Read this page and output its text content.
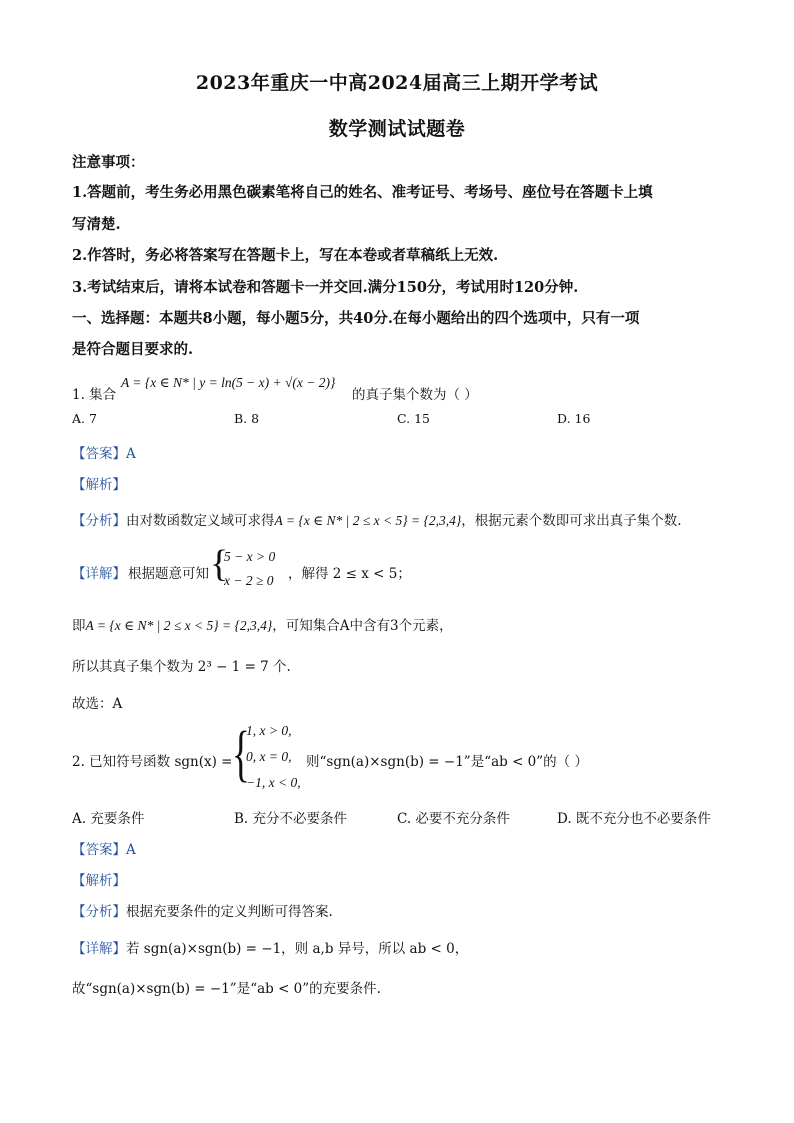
2023年重庆一中高2024届高三上期开学考试
数学测试试题卷
注意事项：
1.答题前，考生务必用黑色碳素笔将自己的姓名、准考证号、考场号、座位号在答题卡上填
写清楚.
2.作答时，务必将答案写在答题卡上，写在本卷或者草稿纸上无效.
3.考试结束后，请将本试卷和答题卡一并交回.满分150分，考试用时120分钟.
一、选择题：本题共8小题，每小题5分，共40分.在每小题给出的四个选项中，只有一项
是符合题目要求的.
1. 集合
A = {x ∈ N* | y = ln(5 − x) + √(x − 2)}
的真子集个数为（ ）
A. 7	B. 8	C. 15	D. 16
【答案】A
【解析】
【分析】由对数函数定义域可求得A = {x ∈ N* | 2 ≤ x < 5} = {2,3,4}，根据元素个数即可求出真子集个数.
【详解】 根据题意可知 {
5 − x > 0
x − 2 ≥ 0 ，解得 2 ≤ x < 5；
即A = {x ∈ N* | 2 ≤ x < 5} = {2,3,4}，可知集合A中含有3个元素，
所以其真子集个数为 2³ − 1 = 7 个.
故选：A
2. 已知符号函数 sgn(x) = {
1, x > 0,
0, x = 0,
−1, x < 0,
则“sgn(a)×sgn(b) = −1”是“ab < 0”的（ ）
A. 充要条件	B. 充分不必要条件	C. 必要不充分条件	D. 既不充分也不必要条件
【答案】A
【解析】
【分析】根据充要条件的定义判断可得答案.
【详解】若 sgn(a)×sgn(b) = −1，则 a,b 异号，所以 ab < 0，
故“sgn(a)×sgn(b) = −1”是“ab < 0”的充要条件.
